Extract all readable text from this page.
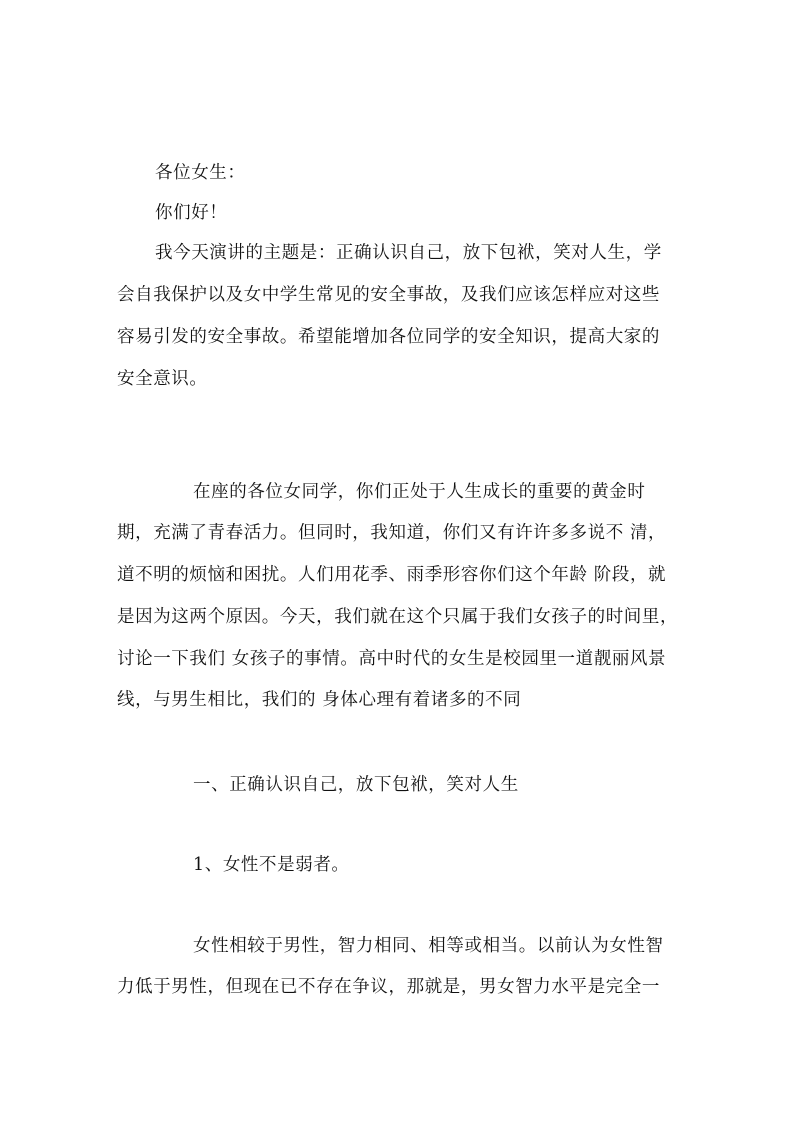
各位女生：
你们好！
我今天演讲的主题是：正确认识自己，放下包袱，笑对人生，学
会自我保护以及女中学生常见的安全事故，及我们应该怎样应对这些
容易引发的安全事故。希望能增加各位同学的安全知识，提高大家的
安全意识。
在座的各位女同学，你们正处于人生成长的重要的黄金时
期，充满了青春活力。但同时，我知道，你们又有许许多多说不 清，
道不明的烦恼和困扰。人们用花季、雨季形容你们这个年龄 阶段，就
是因为这两个原因。今天，我们就在这个只属于我们女孩子的时间里，
讨论一下我们 女孩子的事情。高中时代的女生是校园里一道靓丽风景
线，与男生相比，我们的 身体心理有着诸多的不同
一、正确认识自己，放下包袱，笑对人生
1、女性不是弱者。
女性相较于男性，智力相同、相等或相当。以前认为女性智
力低于男性，但现在已不存在争议，那就是，男女智力水平是完全一
